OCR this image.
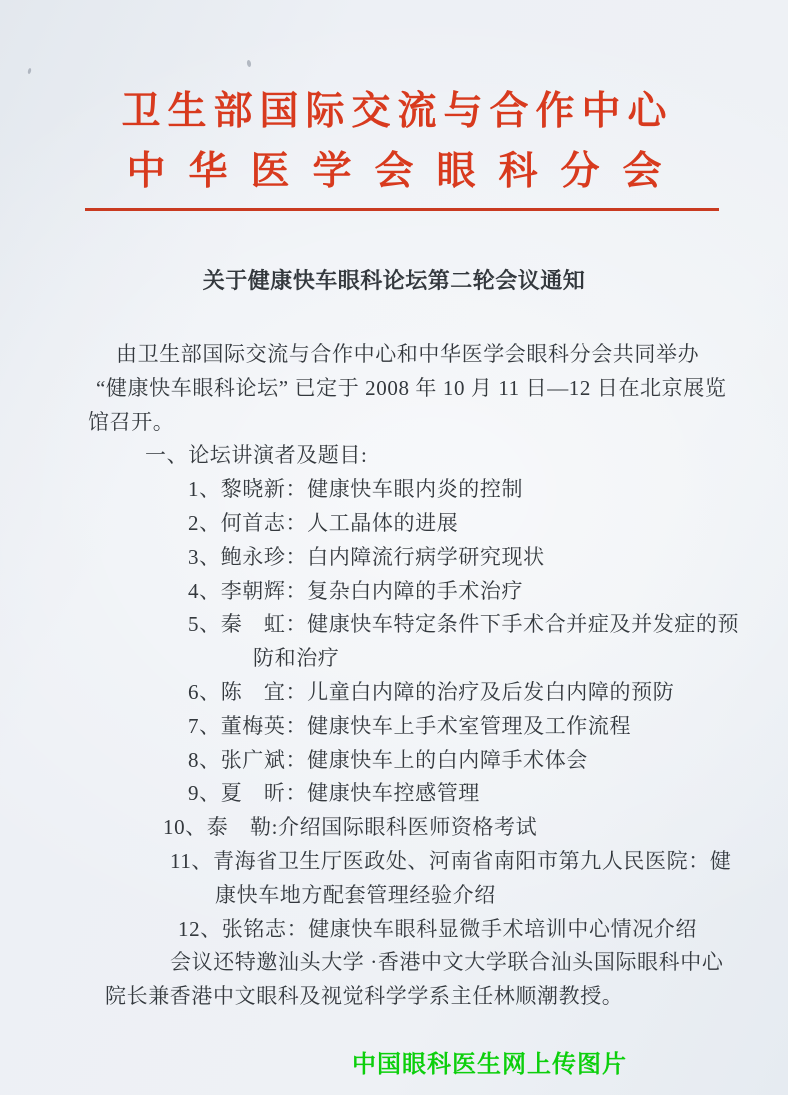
卫生部国际交流与合作中心
中华医学会眼科分会
关于健康快车眼科论坛第二轮会议通知
由卫生部国际交流与合作中心和中华医学会眼科分会共同举办
“健康快车眼科论坛” 已定于 2008 年 10 月 11 日—12 日在北京展览
馆召开。
一、论坛讲演者及题目:
1、黎晓新：健康快车眼内炎的控制
2、何首志：人工晶体的进展
3、鲍永珍：白内障流行病学研究现状
4、李朝辉：复杂白内障的手术治疗
5、秦　虹：健康快车特定条件下手术合并症及并发症的预
防和治疗
6、陈　宜：儿童白内障的治疗及后发白内障的预防
7、董梅英：健康快车上手术室管理及工作流程
8、张广斌：健康快车上的白内障手术体会
9、夏　昕：健康快车控感管理
10、泰　勒:介绍国际眼科医师资格考试
11、青海省卫生厅医政处、河南省南阳市第九人民医院：健
康快车地方配套管理经验介绍
12、张铭志：健康快车眼科显微手术培训中心情况介绍
会议还特邀汕头大学 ·香港中文大学联合汕头国际眼科中心
院长兼香港中文眼科及视觉科学学系主任林顺潮教授。
中国眼科医生网上传图片
